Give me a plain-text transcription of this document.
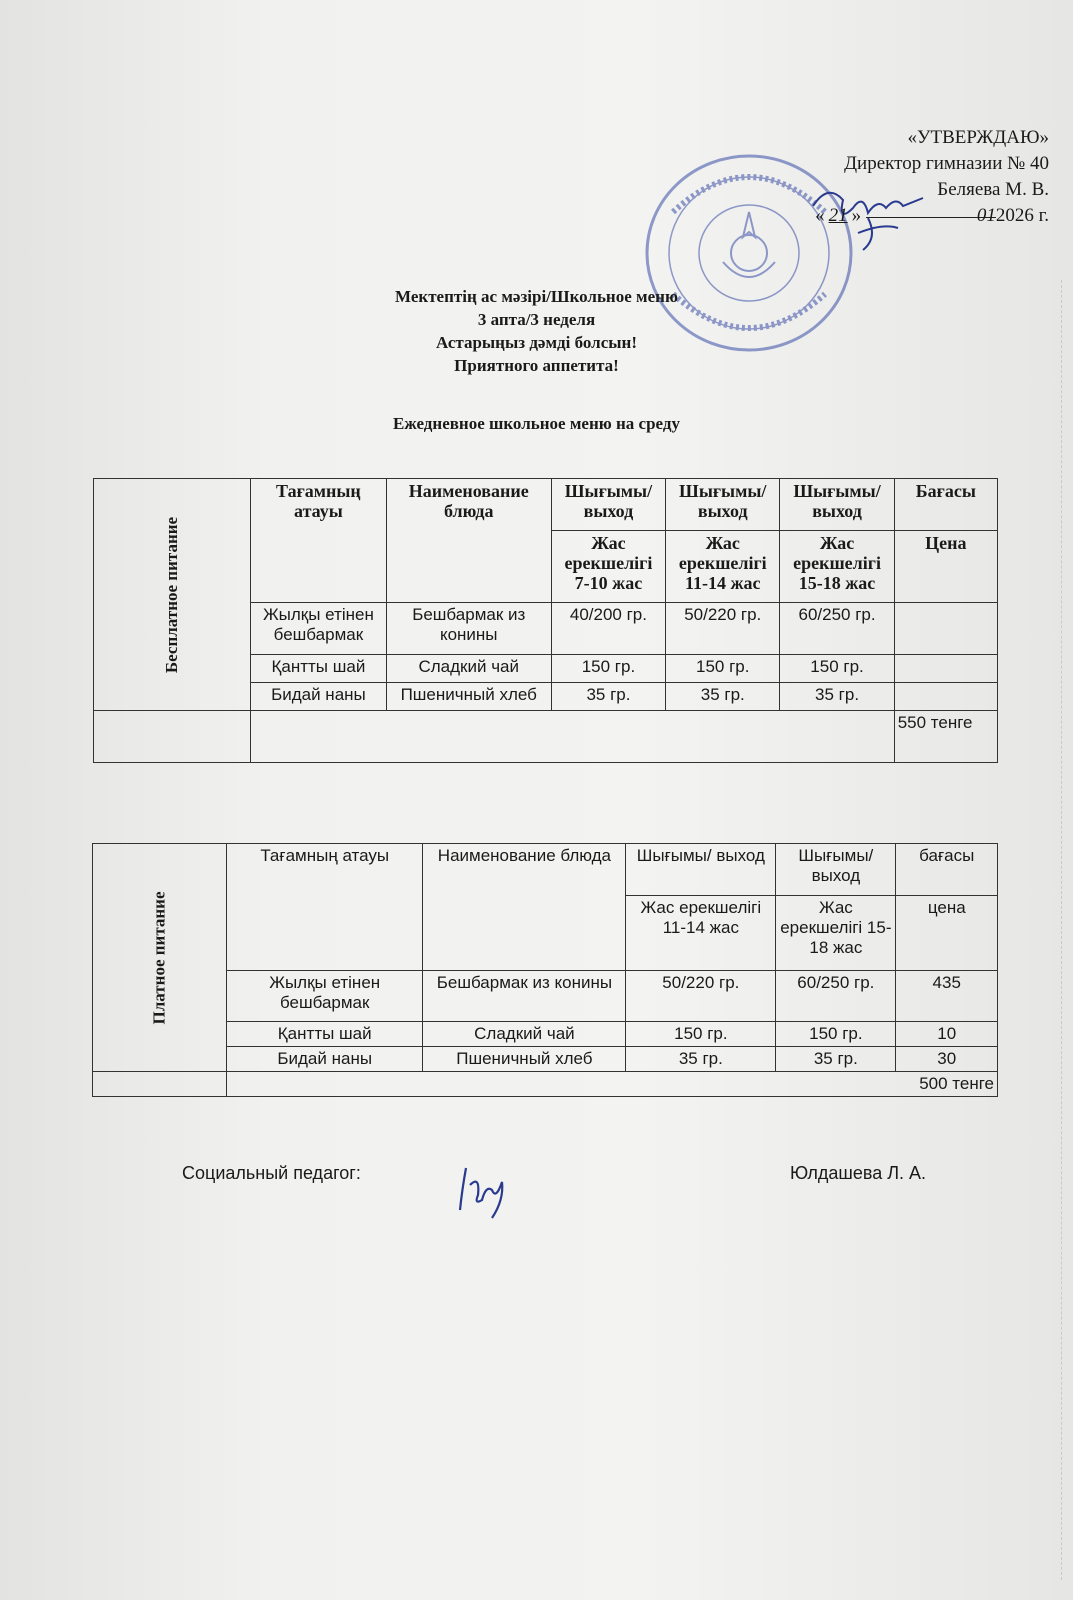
«УТВЕРЖДАЮ»
Директор гимназии № 40
Беляева М. В.
« 21 »	012026 г.
Мектептің ас мәзірі/Школьное меню
3 апта/3 неделя
Астарыңыз дәмді болсын!
Приятного аппетита!
Ежедневное школьное меню на среду
Бесплатное питание	Тағамның атауы	Наименование блюда	Шығымы/ выход	Шығымы/ выход	Шығымы/ выход	Бағасы
			Жас ерекшелігі 7-10 жас	Жас ерекшелігі 11-14 жас	Жас ерекшелігі 15-18 жас	Цена
	Жылқы етінен бешбармак	Бешбармак из конины	40/200 гр.	50/220 гр.	60/250 гр.	
	Қантты шай	Сладкий чай	150 гр.	150 гр.	150 гр.	
	Бидай наны	Пшеничный хлеб	35 гр.	35 гр.	35 гр.	
						550 тенге
Платное питание	Тағамның атауы	Наименование блюда	Шығымы/ выход	Шығымы/ выход	бағасы
			Жас ерекшелігі 11-14 жас	Жас ерекшелігі 15-18 жас	цена
	Жылқы етінен бешбармак	Бешбармак из конины	50/220 гр.	60/250 гр.	435
	Қантты шай	Сладкий чай	150 гр.	150 гр.	10
	Бидай наны	Пшеничный хлеб	35 гр.	35 гр.	30
	500 тенге				
Социальный педагог:	Юлдашева Л. А.
